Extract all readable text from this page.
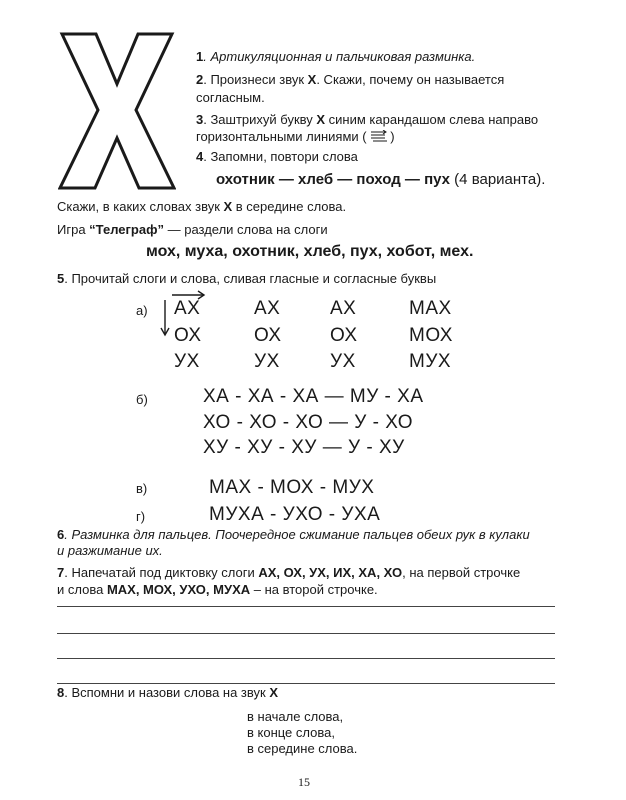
1. Артикуляционная и пальчиковая разминка.
2. Произнеси звук Х. Скажи, почему он называется
согласным.
3. Заштрихуй букву Х синим карандашом слева направо
горизонтальными линиями ( )
4. Запомни, повтори слова
охотник — хлеб — поход — пух (4 варианта).
Скажи, в каких словах звук Х в середине слова.
Игра “Телеграф” — раздели слова на слоги
мох, муха, охотник, хлеб, пух, хобот, мех.
5. Прочитай слоги и слова, сливая гласные и согласные буквы
а) АХ	АХ	АХ	МАХ
ОХ	ОХ	ОХ	МОХ
УХ	УХ	УХ	МУХ
б)	ХА - ХА - ХА — МУ - ХА
ХО - ХО - ХО — У - ХО
ХУ - ХУ - ХУ — У - ХУ
в)	МАХ - МОХ - МУХ
г)	МУХА - УХО - УХА
6. Разминка для пальцев. Поочередное сжимание пальцев обеих рук в кулаки
и разжимание их.
7. Напечатай под диктовку слоги АХ, ОХ, УХ, ИХ, ХА, ХО, на первой строчке
и слова МАХ, МОХ, УХО, МУХА – на второй строчке.
8. Вспомни и назови слова на звук Х
в начале слова,
в конце слова,
в середине слова.
15
